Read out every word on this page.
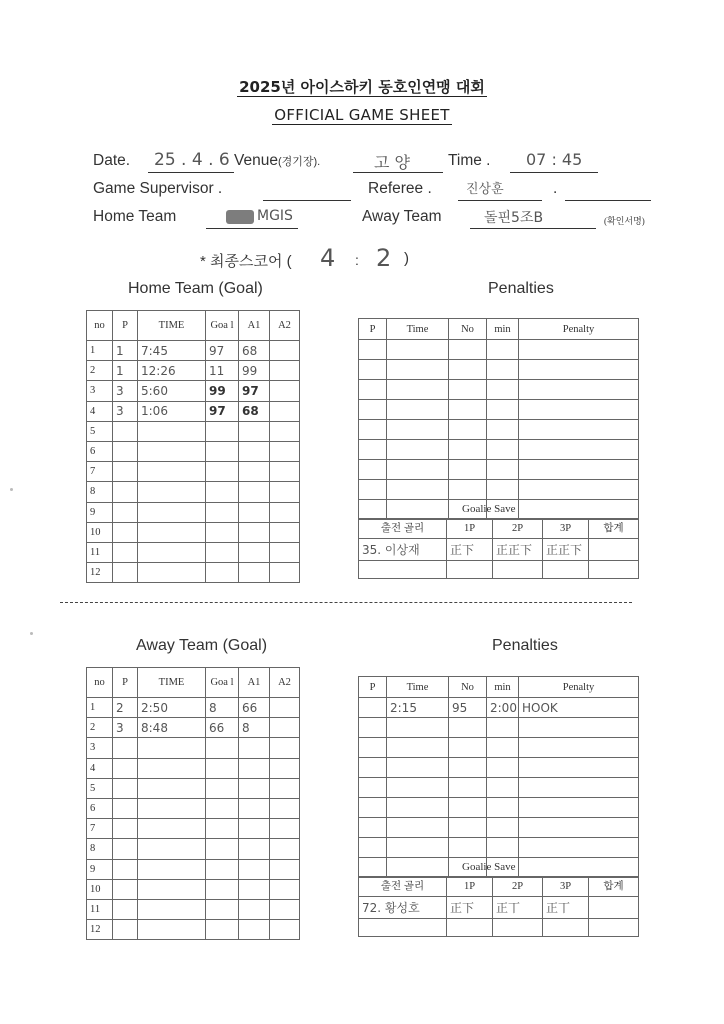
2025년 아이스하키 동호인연맹 대회
OFFICIAL GAME SHEET
Date. 25 . 4 . 6 Venue(경기장).	고 양 Time . 07 : 45
Game Supervisor .	Referee .	진상훈	.
Home Team	MGIS	Away Team	돌핀5조B	(확인서명)
* 최종스코어 ( 4 : 2 )
Home Team (Goal)	Penalties
no	P	TIME	Goa l	A1	A2
1	1	7:45	97	68	
2	1	12:26	11	99	
3	3	5:60	99	97	
4	3	1:06	97	68	
5					
6					
7					
8					
9					
10					
11					
12					
P	Time	No	min	Penalty

Goalie Save
출전 골리	1P	2P	3P	합계
35. 이상재	正下	正正下	正正下	

Away Team (Goal)	Penalties
no	P	TIME	Goa l	A1	A2
1	2	2:50	8	66	
2	3	8:48	66	8	
3					
4					
5					
6					
7					
8					
9					
10					
11					
12					
P	Time	No	min	Penalty
	2:15	95	2:00	HOOK

Goalie Save
출전 골리	1P	2P	3P	합계
72. 황성호	正下	正丅	正丅	
